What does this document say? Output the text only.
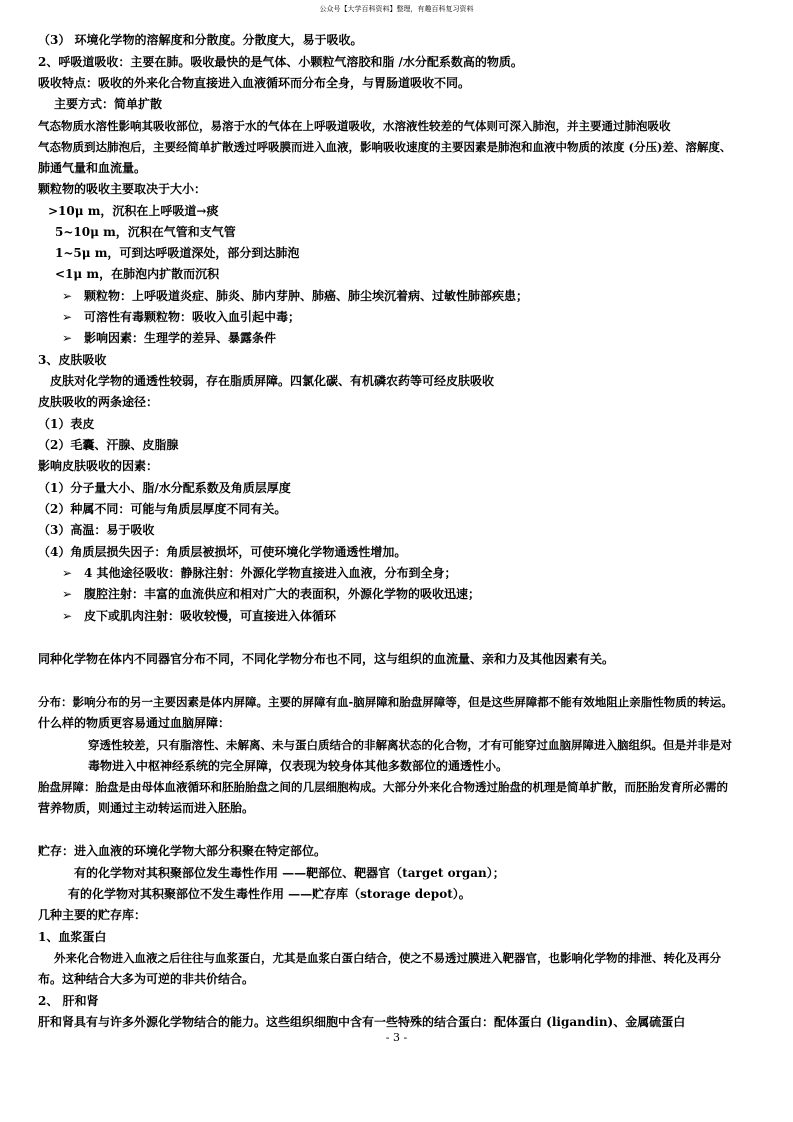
公众号【大学百科资料】整理，有趣百科复习资料
（3） 环境化学物的溶解度和分散度。分散度大，易于吸收。
2、呼吸道吸收：主要在肺。吸收最快的是气体、小颗粒气溶胶和脂 /水分配系数高的物质。
吸收特点：吸收的外来化合物直接进入血液循环而分布全身，与胃肠道吸收不同。
主要方式：简单扩散
气态物质水溶性影响其吸收部位，易溶于水的气体在上呼吸道吸收，水溶液性较差的气体则可深入肺泡，并主要通过肺泡吸收
气态物质到达肺泡后，主要经简单扩散透过呼吸膜而进入血液，影响吸收速度的主要因素是肺泡和血液中物质的浓度 (分压)差、溶解度、
肺通气量和血流量。
颗粒物的吸收主要取决于大小：
>10μ m，沉积在上呼吸道→痰
5~10μ m，沉积在气管和支气管
1~5μ m，可到达呼吸道深处，部分到达肺泡
<1μ m，在肺泡内扩散而沉积
➢ 颗粒物：上呼吸道炎症、肺炎、肺内芽肿、肺癌、肺尘埃沉着病、过敏性肺部疾患；
➢ 可溶性有毒颗粒物：吸收入血引起中毒；
➢ 影响因素：生理学的差异、暴露条件
3、皮肤吸收
皮肤对化学物的通透性较弱，存在脂质屏障。四氯化碳、有机磷农药等可经皮肤吸收
皮肤吸收的两条途径：
（1）表皮
（2）毛囊、汗腺、皮脂腺
影响皮肤吸收的因素：
（1）分子量大小、脂/水分配系数及角质层厚度
（2）种属不同：可能与角质层厚度不同有关。
（3）高温：易于吸收
（4）角质层损失因子：角质层被损坏，可使环境化学物通透性增加。
➢ 4 其他途径吸收：静脉注射：外源化学物直接进入血液，分布到全身；
➢ 腹腔注射：丰富的血流供应和相对广大的表面积，外源化学物的吸收迅速；
➢ 皮下或肌肉注射：吸收较慢，可直接进入体循环
同种化学物在体内不同器官分布不同，不同化学物分布也不同，这与组织的血流量、亲和力及其他因素有关。
分布：影响分布的另一主要因素是体内屏障。主要的屏障有血-脑屏障和胎盘屏障等，但是这些屏障都不能有效地阻止亲脂性物质的转运。
什么样的物质更容易通过血脑屏障：
穿透性较差，只有脂溶性、未解离、未与蛋白质结合的非解离状态的化合物，才有可能穿过血脑屏障进入脑组织。但是并非是对
毒物进入中枢神经系统的完全屏障，仅表现为较身体其他多数部位的通透性小。
胎盘屏障：胎盘是由母体血液循环和胚胎胎盘之间的几层细胞构成。大部分外来化合物透过胎盘的机理是简单扩散，而胚胎发育所必需的
营养物质，则通过主动转运而进入胚胎。
贮存：进入血液的环境化学物大部分积聚在特定部位。
有的化学物对其积聚部位发生毒性作用 ——靶部位、靶器官（target organ）；
有的化学物对其积聚部位不发生毒性作用 ——贮存库（storage depot）。
几种主要的贮存库：
1、血浆蛋白
外来化合物进入血液之后往往与血浆蛋白，尤其是血浆白蛋白结合，使之不易透过膜进入靶器官，也影响化学物的排泄、转化及再分
布。这种结合大多为可逆的非共价结合。
2、 肝和肾
肝和肾具有与许多外源化学物结合的能力。这些组织细胞中含有一些特殊的结合蛋白：配体蛋白 (ligandin)、金属硫蛋白
- 3 -
